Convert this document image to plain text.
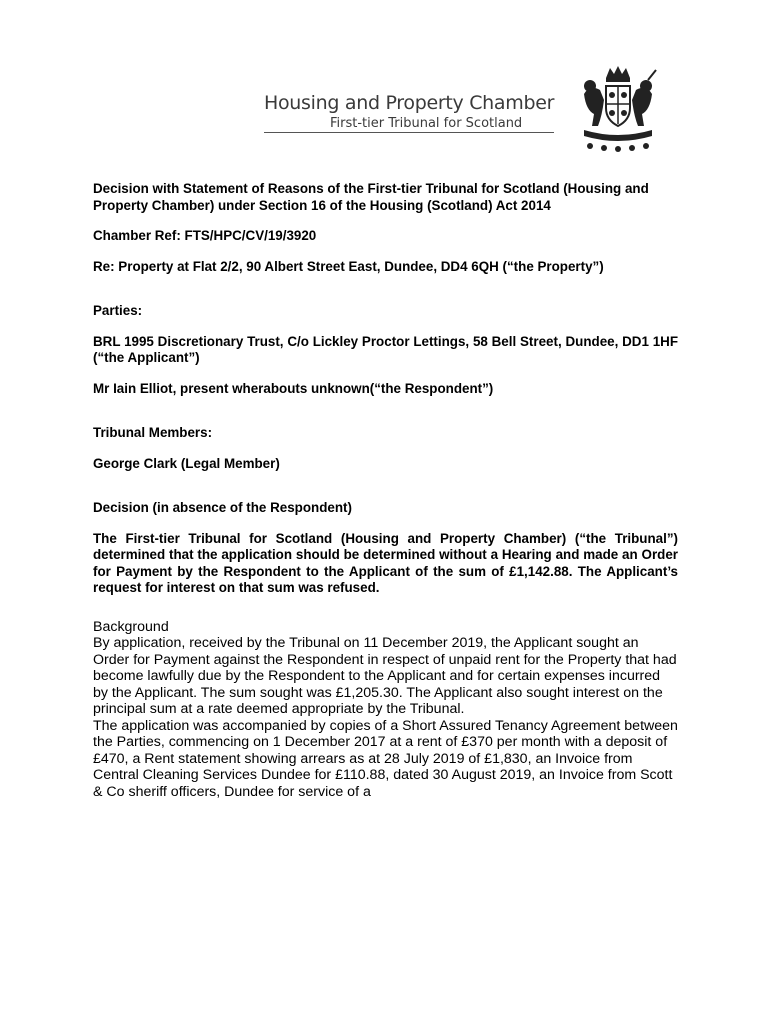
Housing and Property Chamber
First-tier Tribunal for Scotland

Decision with Statement of Reasons of the First-tier Tribunal for Scotland (Housing and Property Chamber) under Section 16 of the Housing (Scotland) Act 2014

Chamber Ref: FTS/HPC/CV/19/3920

Re: Property at Flat 2/2, 90 Albert Street East, Dundee, DD4 6QH (“the Property”)

Parties:

BRL 1995 Discretionary Trust, C/o Lickley Proctor Lettings, 58 Bell Street, Dundee, DD1 1HF (“the Applicant”)

Mr Iain Elliot, present wherabouts unknown(“the Respondent”)

Tribunal Members:

George Clark (Legal Member)

Decision (in absence of the Respondent)

The First-tier Tribunal for Scotland (Housing and Property Chamber) (“the Tribunal”) determined that the application should be determined without a Hearing and made an Order for Payment by the Respondent to the Applicant of the sum of £1,142.88. The Applicant’s request for interest on that sum was refused.

Background

By application, received by the Tribunal on 11 December 2019, the Applicant sought an Order for Payment against the Respondent in respect of unpaid rent for the Property that had become lawfully due by the Respondent to the Applicant and for certain expenses incurred by the Applicant. The sum sought was £1,205.30. The Applicant also sought interest on the principal sum at a rate deemed appropriate by the Tribunal.

The application was accompanied by copies of a Short Assured Tenancy Agreement between the Parties, commencing on 1 December 2017 at a rent of £370 per month with a deposit of £470, a Rent statement showing arrears as at 28 July 2019 of £1,830, an Invoice from Central Cleaning Services Dundee for £110.88, dated 30 August 2019, an Invoice from Scott & Co sheriff officers, Dundee for service of a
